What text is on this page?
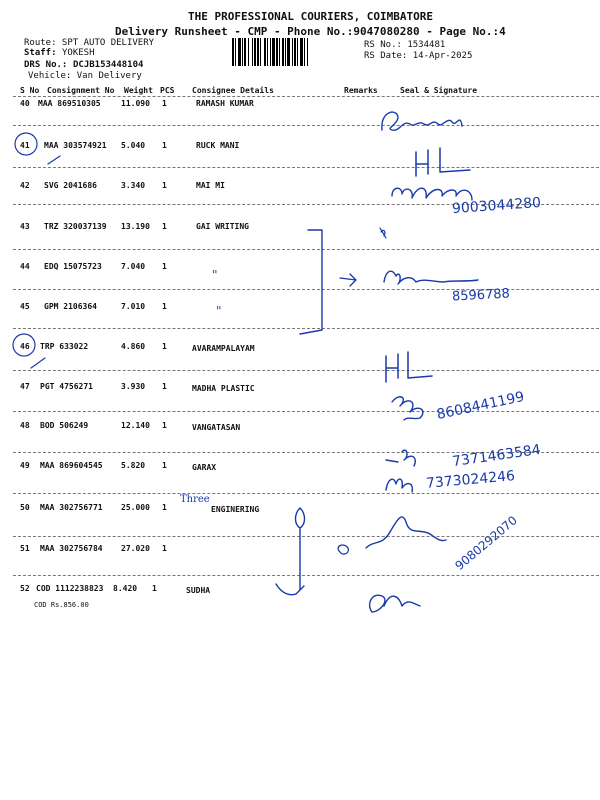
THE PROFESSIONAL COURIERS, COIMBATORE
Delivery Runsheet - CMP - Phone No.:9047080280 - Page No.:4
Route: SPT AUTO DELIVERY
Staff: YOKESH
DRS No.: DCJB153448104
Vehicle: Van Delivery
RS No.: 1534481
RS Date: 14-Apr-2025
S No Consignment No Weight PCS Consignee Details	Remarks	Seal & Signature
40 MAA 869510305	11.090 1	RAMASH KUMAR
41 MAA 303574921 5.040 1	RUCK MANI
42 SVG 2041686	3.340 1	MAI MI
43 TRZ 320037139 13.190 1	GAI WRITING
44 EDQ 15075723 7.040 1
45 GPM 2106364	7.010 1
46 TRP 633022	4.860 1	AVARAMPALAYAM
47 PGT 4756271	3.930 1	MADHA PLASTIC
48 BOD 506249	12.140 1	VANGATASAN
49 MAA 869604545 5.820 1	GARAX
50 MAA 302756771 25.000 1	ENGINERING
51 MAA 302756784 27.020 1
52 COD 1112238823 8.420 1	SUDHA
COD Rs.856.00
9003044280
8596788
8608441199
7371463584
7373024246
9080292070
Three
"
"
